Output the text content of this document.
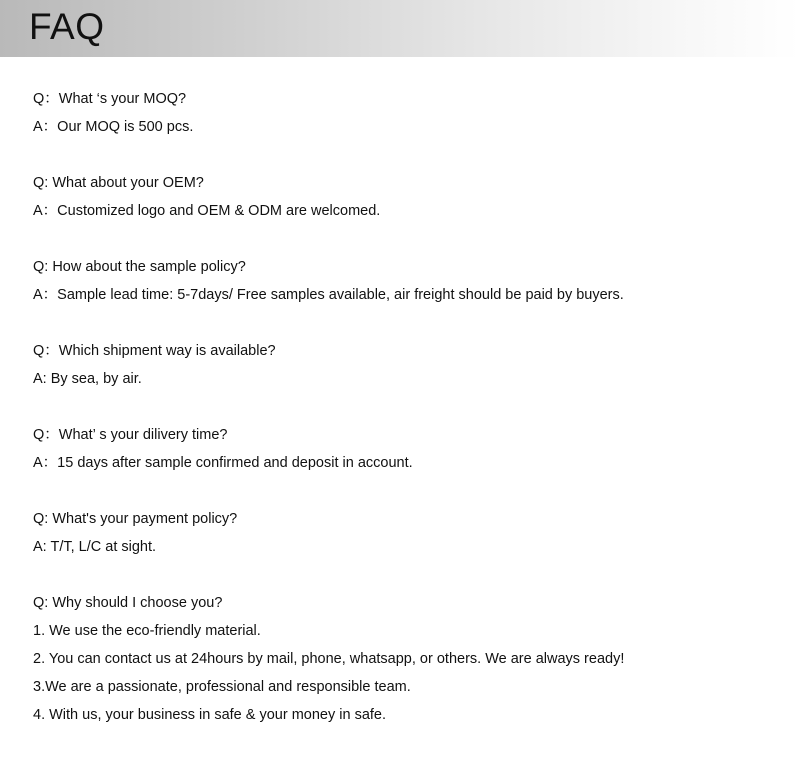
FAQ
Q：What ‘s your MOQ?
A：Our MOQ is 500 pcs.
Q: What about your OEM?
A：Customized logo and OEM & ODM are welcomed.
Q: How about the sample policy?
A：Sample lead time: 5-7days/ Free samples available, air freight should be paid by buyers.
Q：Which shipment way is available?
A: By sea, by air.
Q：What’ s your dilivery time?
A：15 days after sample confirmed and deposit in account.
Q: What's your payment policy?
A: T/T, L/C at sight.
Q: Why should I choose you?
1. We use the eco-friendly material.
2. You can contact us at 24hours by mail, phone, whatsapp, or others. We are always ready!
3.We are a passionate, professional and responsible team.
4. With us, your business in safe & your money in safe.
